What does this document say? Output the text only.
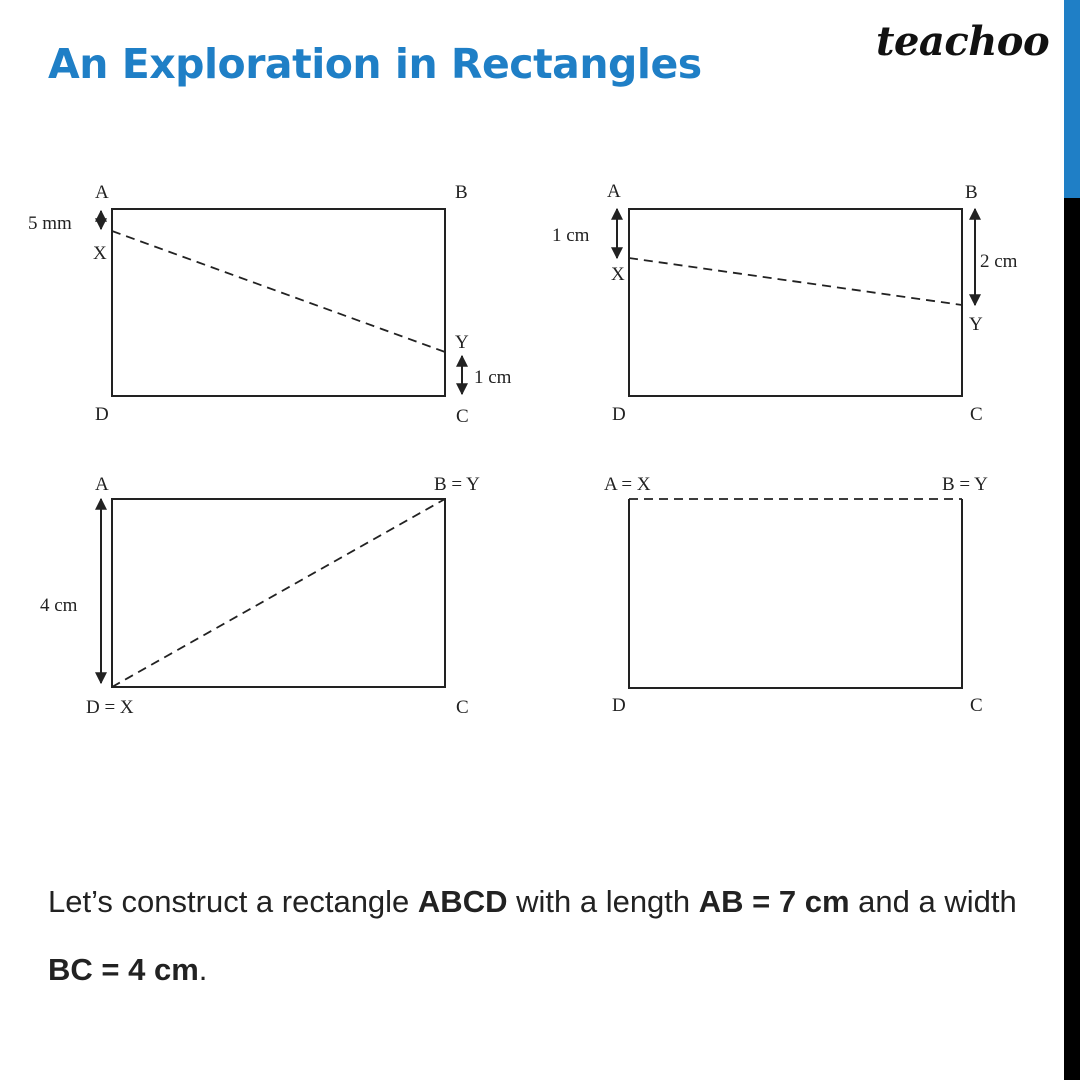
An Exploration in Rectangles	teachoo
A	B
D	C
X
Y
5 mm
1 cm
A	B
D	C
X
Y
1 cm
2 cm
A	B = Y
D = X	C
4 cm
A = X	B = Y
D	C

Let’s construct a rectangle ABCD with a length AB = 7 cm and a width BC = 4 cm.
